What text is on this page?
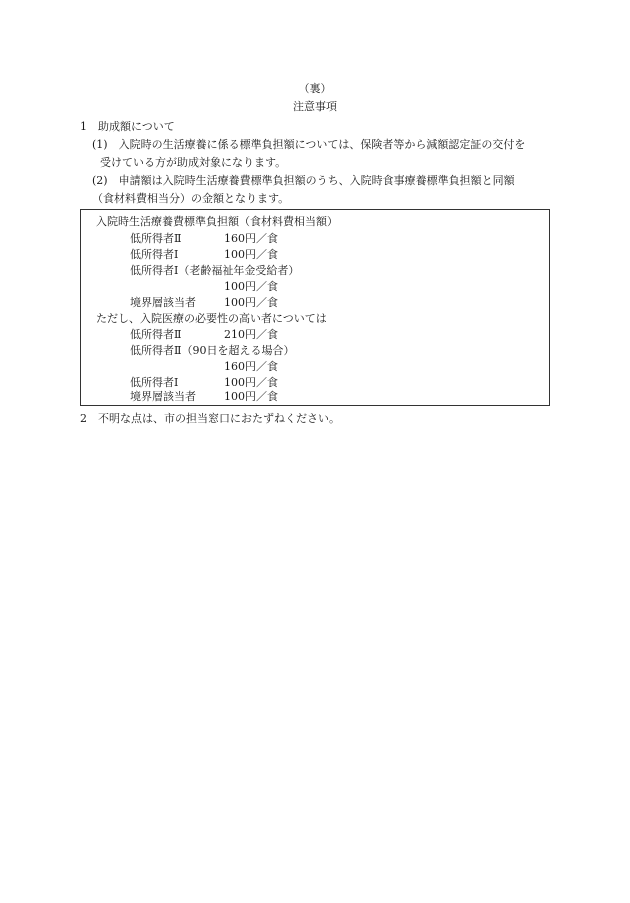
（裏）
注意事項
1　助成額について
(1)　入院時の生活療養に係る標準負担額については、保険者等から減額認定証の交付を
受けている方が助成対象になります。
(2)　申請額は入院時生活療養費標準負担額のうち、入院時食事療養標準負担額と同額
（食材料費相当分）の金額となります。
入院時生活療養費標準負担額（食材料費相当額）
低所得者Ⅱ	160円／食
低所得者Ⅰ	100円／食
低所得者Ⅰ（老齢福祉年金受給者）
100円／食
境界層該当者	100円／食
ただし、入院医療の必要性の高い者については
低所得者Ⅱ	210円／食
低所得者Ⅱ（90日を超える場合）
160円／食
低所得者Ⅰ	100円／食
境界層該当者	100円／食
2　不明な点は、市の担当窓口におたずねください。
